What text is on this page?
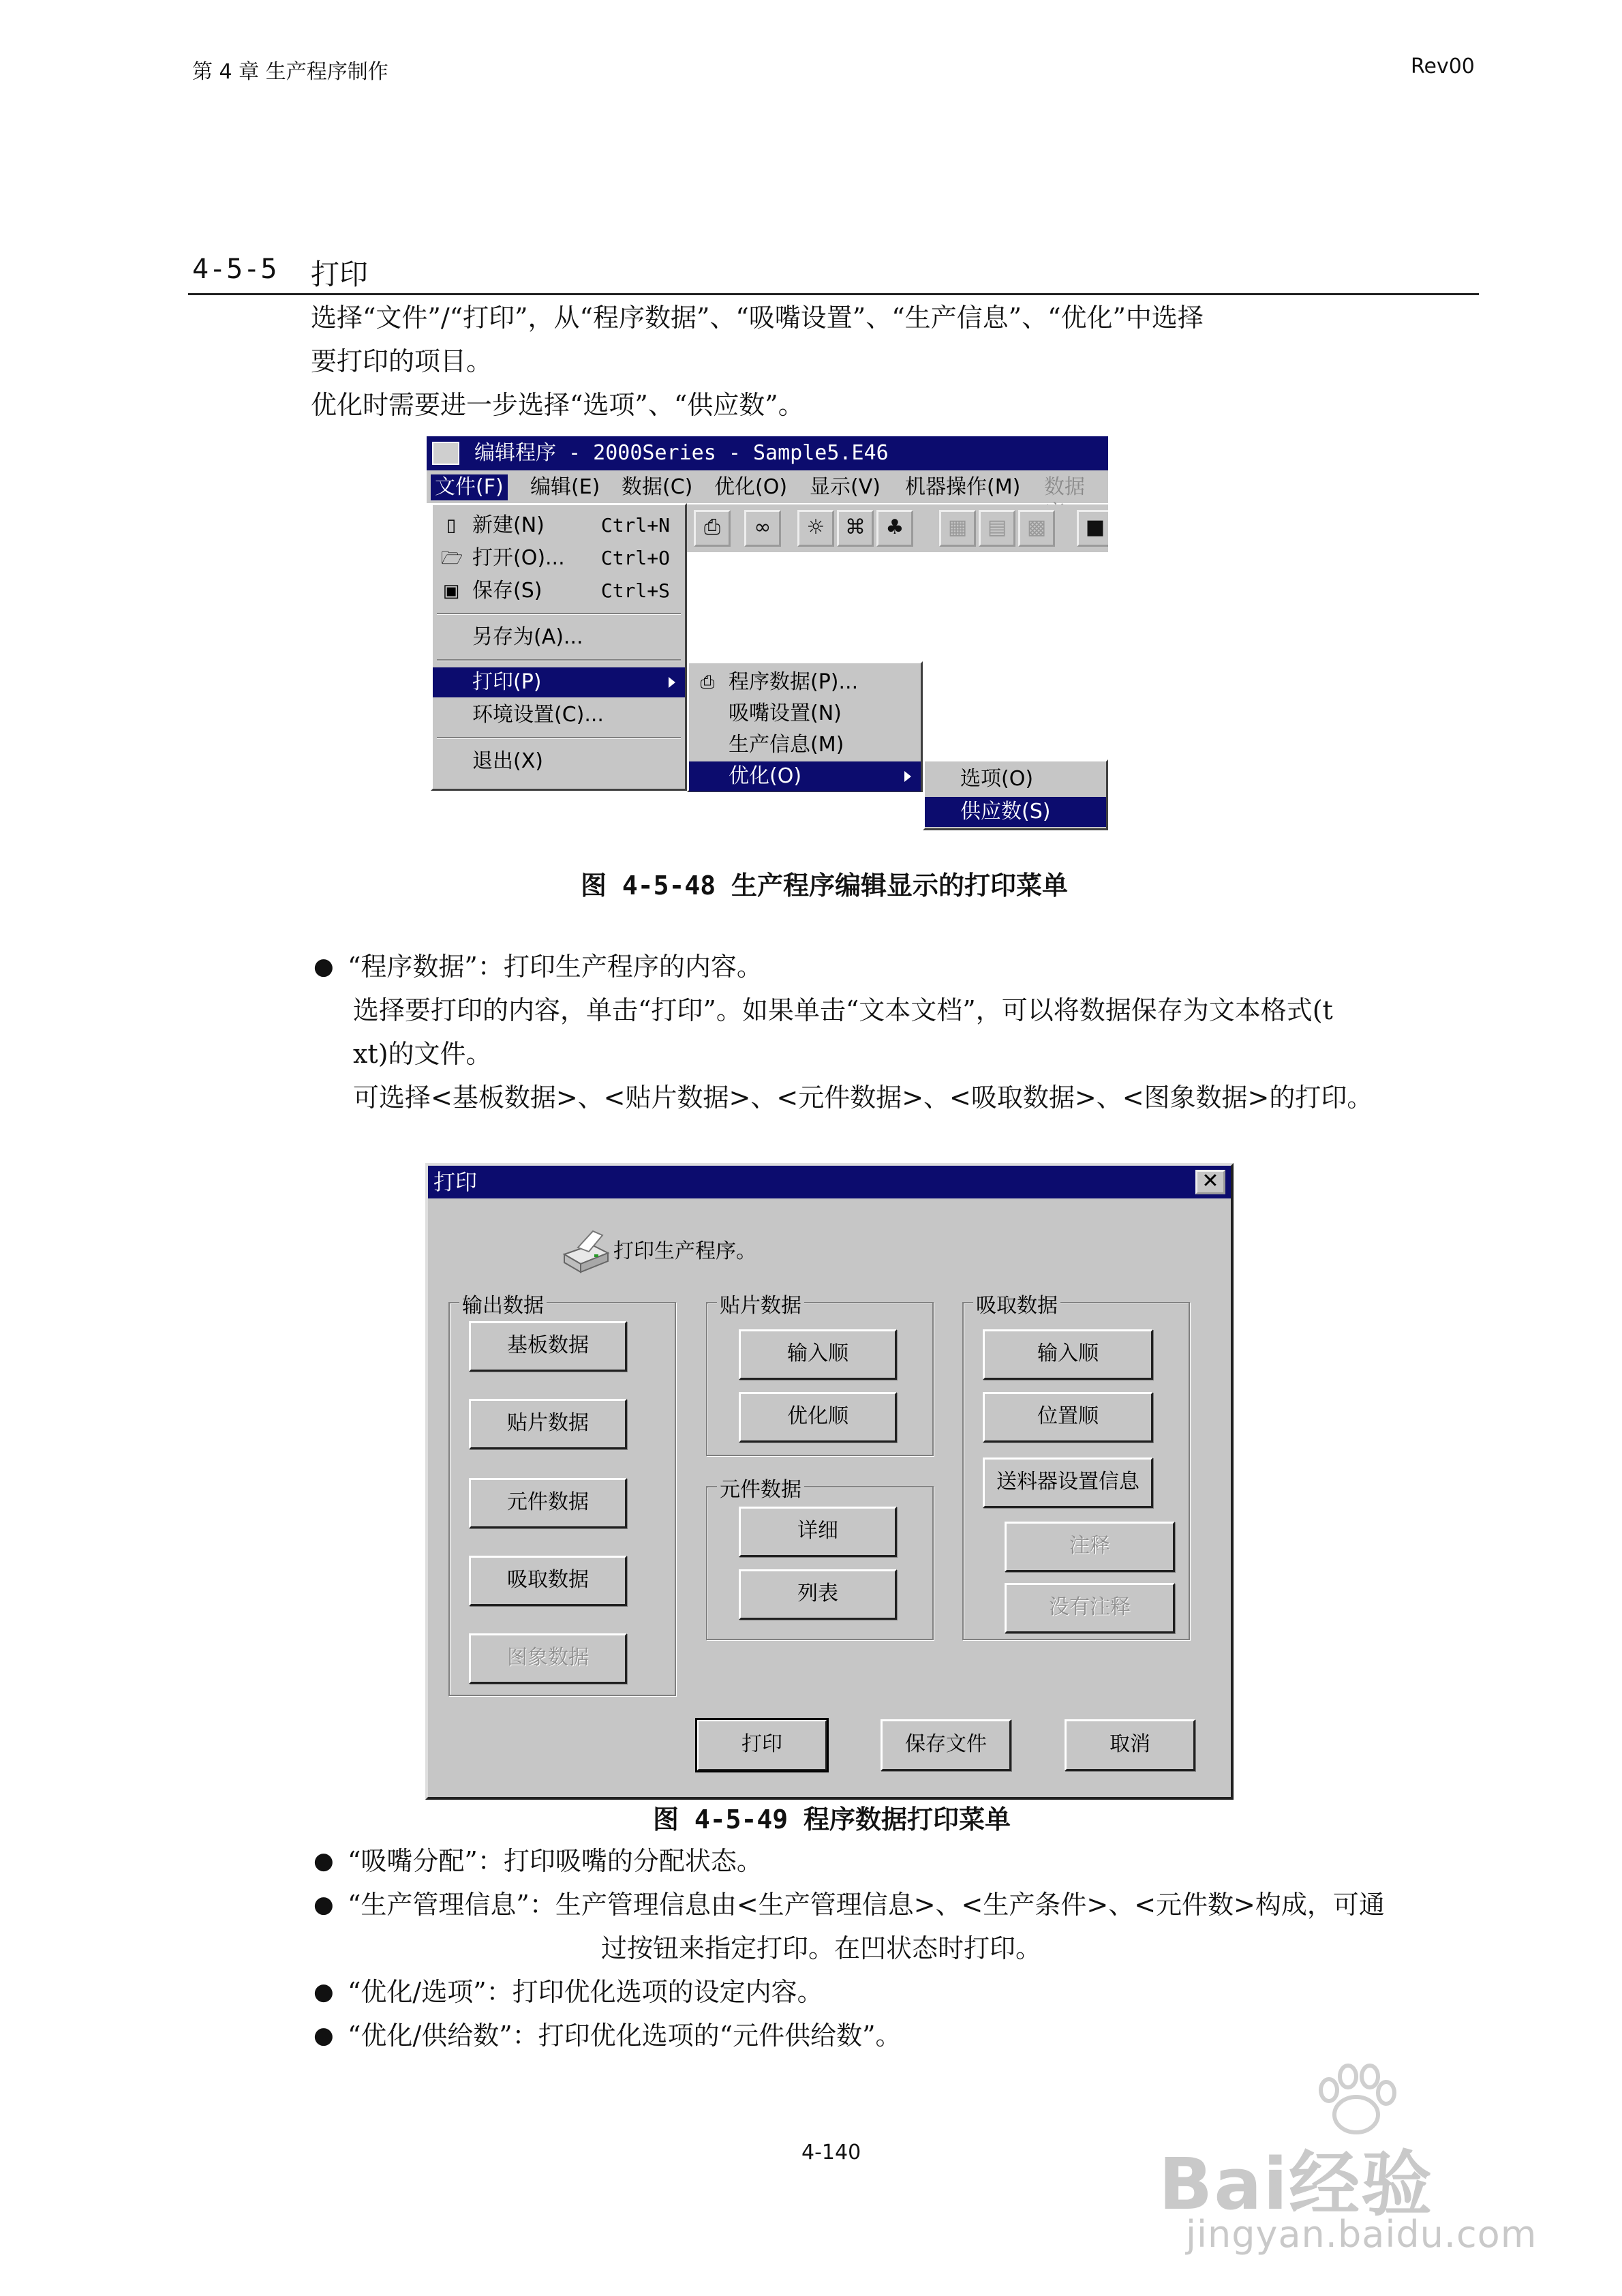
第 4 章 生产程序制作	Rev00
4-5-5 打印
选择“文件”/“打印”，从“程序数据”、“吸嘴设置”、“生产信息”、“优化”中选择
要打印的项目。
优化时需要进一步选择“选项”、“供应数”。
编辑程序 - 2000Series - Sample5.E46
文件(F) 编辑(E) 数据(C) 优化(O) 显示(V) 机器操作(M) 数据
⎙	∞	☼ ⌘ ♣	▦ ▤ ▩	■
▯ 新建(N)	Ctrl+N
🗁 打开(O)... Ctrl+O
▣ 保存(S)	Ctrl+S
另存为(A)...
打印(P)
环境设置(C)...
退出(X)
⎙ 程序数据(P)...
吸嘴设置(N)
生产信息(M)
优化(O)	选项(O)
供应数(S)
图 4-5-48 生产程序编辑显示的打印菜单
● “程序数据”：打印生产程序的内容。
选择要打印的内容，单击“打印”。如果单击“文本文档”，可以将数据保存为文本格式(t
xt)的文件。
可选择<基板数据>、<贴片数据>、<元件数据>、<吸取数据>、<图象数据>的打印。
打印	✕
打印生产程序。
输出数据
基板数据
贴片数据
元件数据
吸取数据
图象数据
贴片数据
输入顺
优化顺
元件数据
详细
列表
吸取数据
输入顺
位置顺
送料器设置信息
注释
没有注释
打印	保存文件	取消
图 4-5-49 程序数据打印菜单
● “吸嘴分配”：打印吸嘴的分配状态。
● “生产管理信息”：生产管理信息由<生产管理信息>、<生产条件>、<元件数>构成，可通
过按钮来指定打印。在凹状态时打印。
● “优化/选项”：打印优化选项的设定内容。
● “优化/供给数”：打印优化选项的“元件供给数”。
4-140	Bai经验
jingyan.baidu.com
